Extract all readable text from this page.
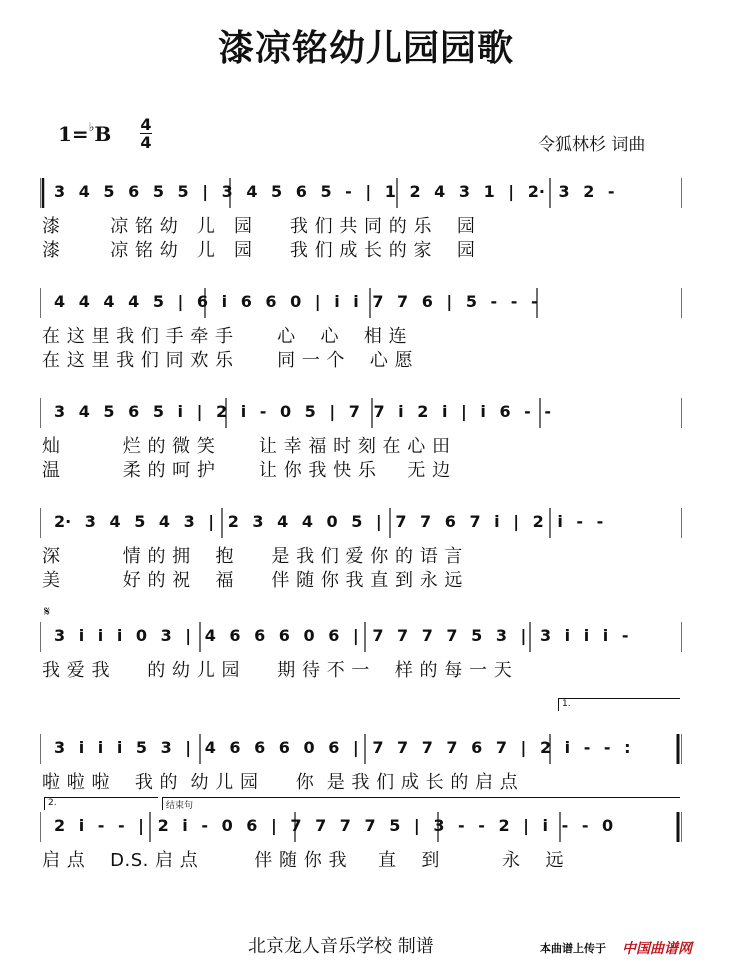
漆凉铭幼儿园园歌
1=♭B 4
4	令狐林杉 词曲
3 4 5 6 5 5 | 3 4 5 6 5 - | 1 2 4 3 1 | 2· 3 2 -
漆        凉 铭 幼   儿   园      我 们 共 同 的 乐    园
漆        凉 铭 幼   儿   园      我 们 成 长 的 家    园
4 4 4 4 5 | 6 i 6 6 0 | i i 7 7 6 | 5 - - -
在 这 里 我 们 手 牵 手       心    心    相 连
在 这 里 我 们 同 欢 乐       同 一 个    心 愿
3 4 5 6 5 i | 2 i - 0 5 | 7 7 i 2 i | i 6 - -
灿          烂 的 微 笑       让 幸 福 时 刻 在 心 田
温          柔 的 呵 护       让 你 我 快 乐     无 边
2· 3 4 5 4 3 | 2 3 4 4 0 5 | 7 7 6 7 i | 2 i - -
深          情 的 拥    抱      是 我 们 爱 你 的 语 言
美          好 的 祝    福      伴 随 你 我 直 到 永 远
3 i i i 0 3 | 4 6 6 6 0 6 | 7 7 7 7 5 3 | 3 i i i -
我 爱 我      的 幼 儿 园      期 待 不 一    样 的 每 一 天
3 i i i 5 3 | 4 6 6 6 0 6 | 7 7 7 7 6 7 | 2 i - - :
啦 啦 啦    我 的  幼 儿 园      你  是 我 们 成 长 的 启 点
2 i - - | 2 i - 0 6 | 7 7 7 7 5 | 3 - - 2 | i - - 0
启 点    D.S. 启 点         伴 随 你 我     直    到          永    远
𝄋
1.
2.	结束句
北京龙人音乐学校 制谱	本曲谱上传于 中国曲谱网
